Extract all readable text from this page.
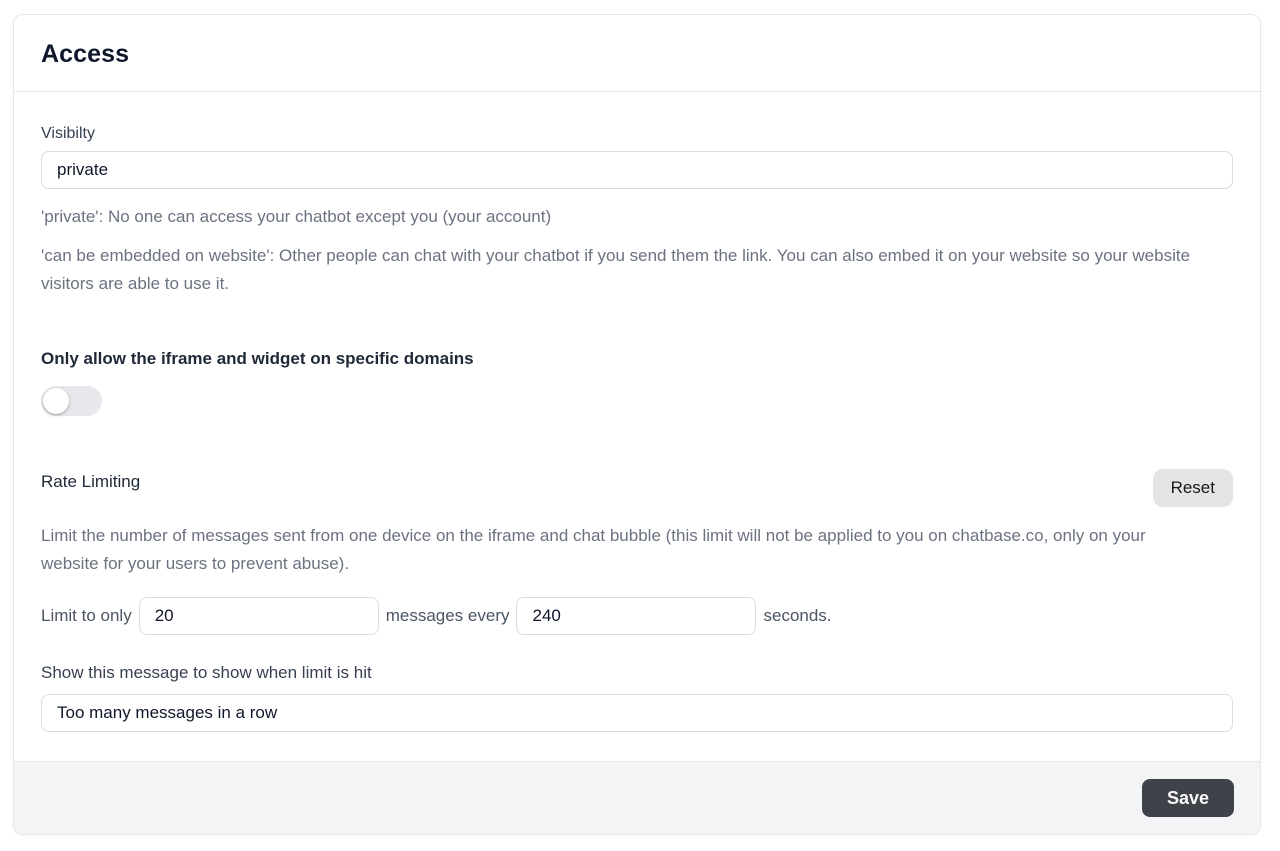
Access
Visibilty
private

'private': No one can access your chatbot except you (your account)

'can be embedded on website': Other people can chat with your chatbot if you send them the link. You can also embed it on your website so your website visitors are able to use it.

Only allow the iframe and widget on specific domains
Rate Limiting	Reset

Limit the number of messages sent from one device on the iframe and chat bubble (this limit will not be applied to you on chatbase.co, only on your website for your users to prevent abuse).

Limit to only
20	messages every
240	seconds.
Show this message to show when limit is hit
Too many messages in a row
Save
